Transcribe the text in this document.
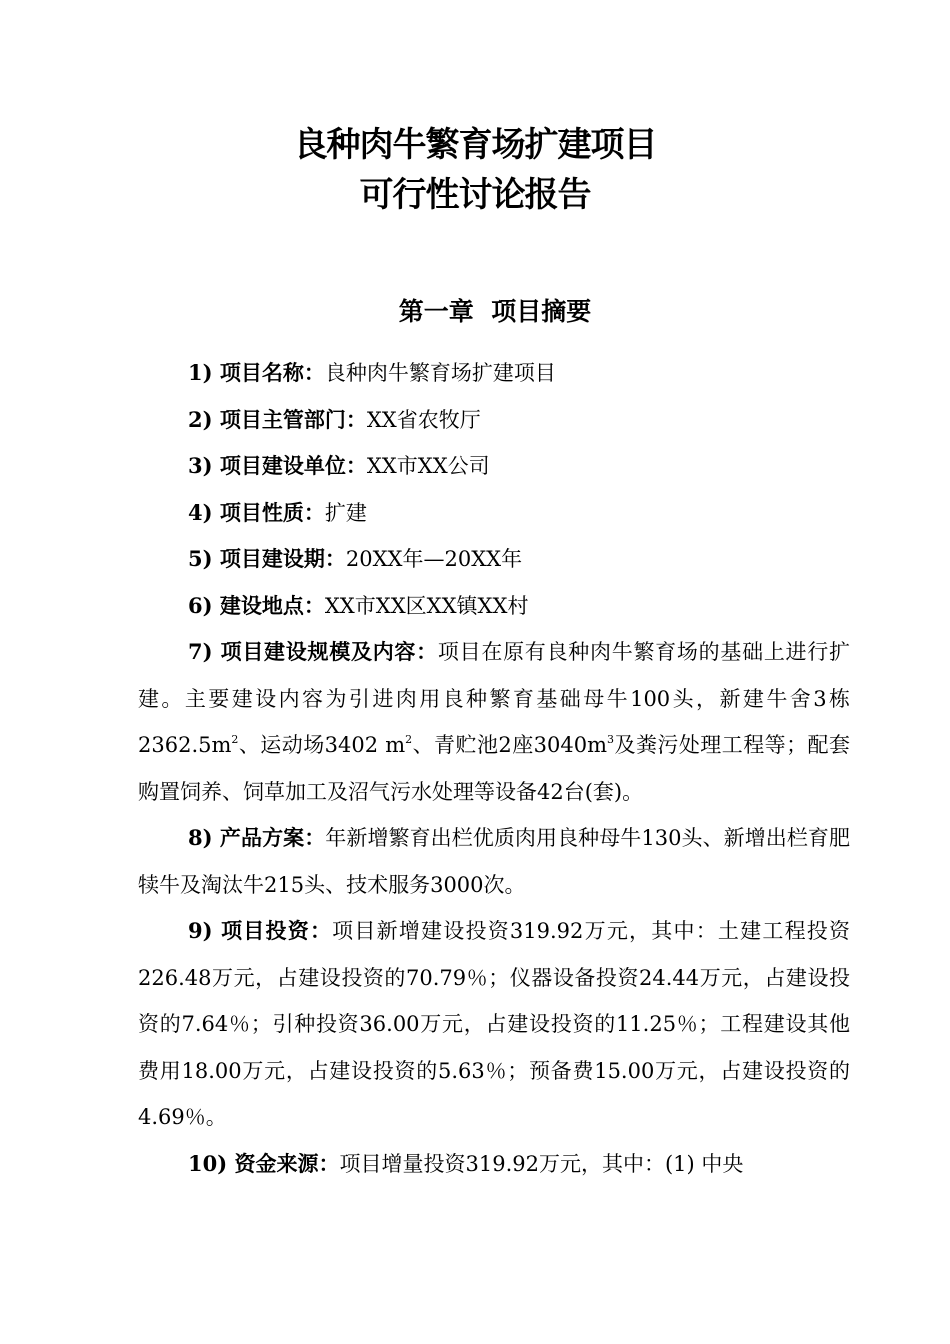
良种肉牛繁育场扩建项目
可行性讨论报告
第一章  项目摘要

1) 项目名称：良种肉牛繁育场扩建项目

2) 项目主管部门：XX省农牧厅

3) 项目建设单位：XX市XX公司

4) 项目性质：扩建

5) 项目建设期：20XX年—20XX年

6) 建设地点：XX市XX区XX镇XX村

7) 项目建设规模及内容：项目在原有良种肉牛繁育场的基础上进行扩建。主要建设内容为引进肉用良种繁育基础母牛100头，新建牛舍3栋$2362.5m^2$、运动场3402 $m^2$、青贮池2座$3040m^3$及粪污处理工程等；配套购置饲养、饲草加工及沼气污水处理等设备42台(套)。

8) 产品方案：年新增繁育出栏优质肉用良种母牛130头、新增出栏育肥犊牛及淘汰牛215头、技术服务3000次。

9) 项目投资：项目新增建设投资319.92万元，其中：土建工程投资226.48万元，占建设投资的70.79％；仪器设备投资24.44万元，占建设投资的7.64％；引种投资36.00万元，占建设投资的11.25％；工程建设其他费用18.00万元，占建设投资的5.63％；预备费15.00万元，占建设投资的4.69％。

10) 资金来源：项目增量投资319.92万元，其中：(1) 中央
